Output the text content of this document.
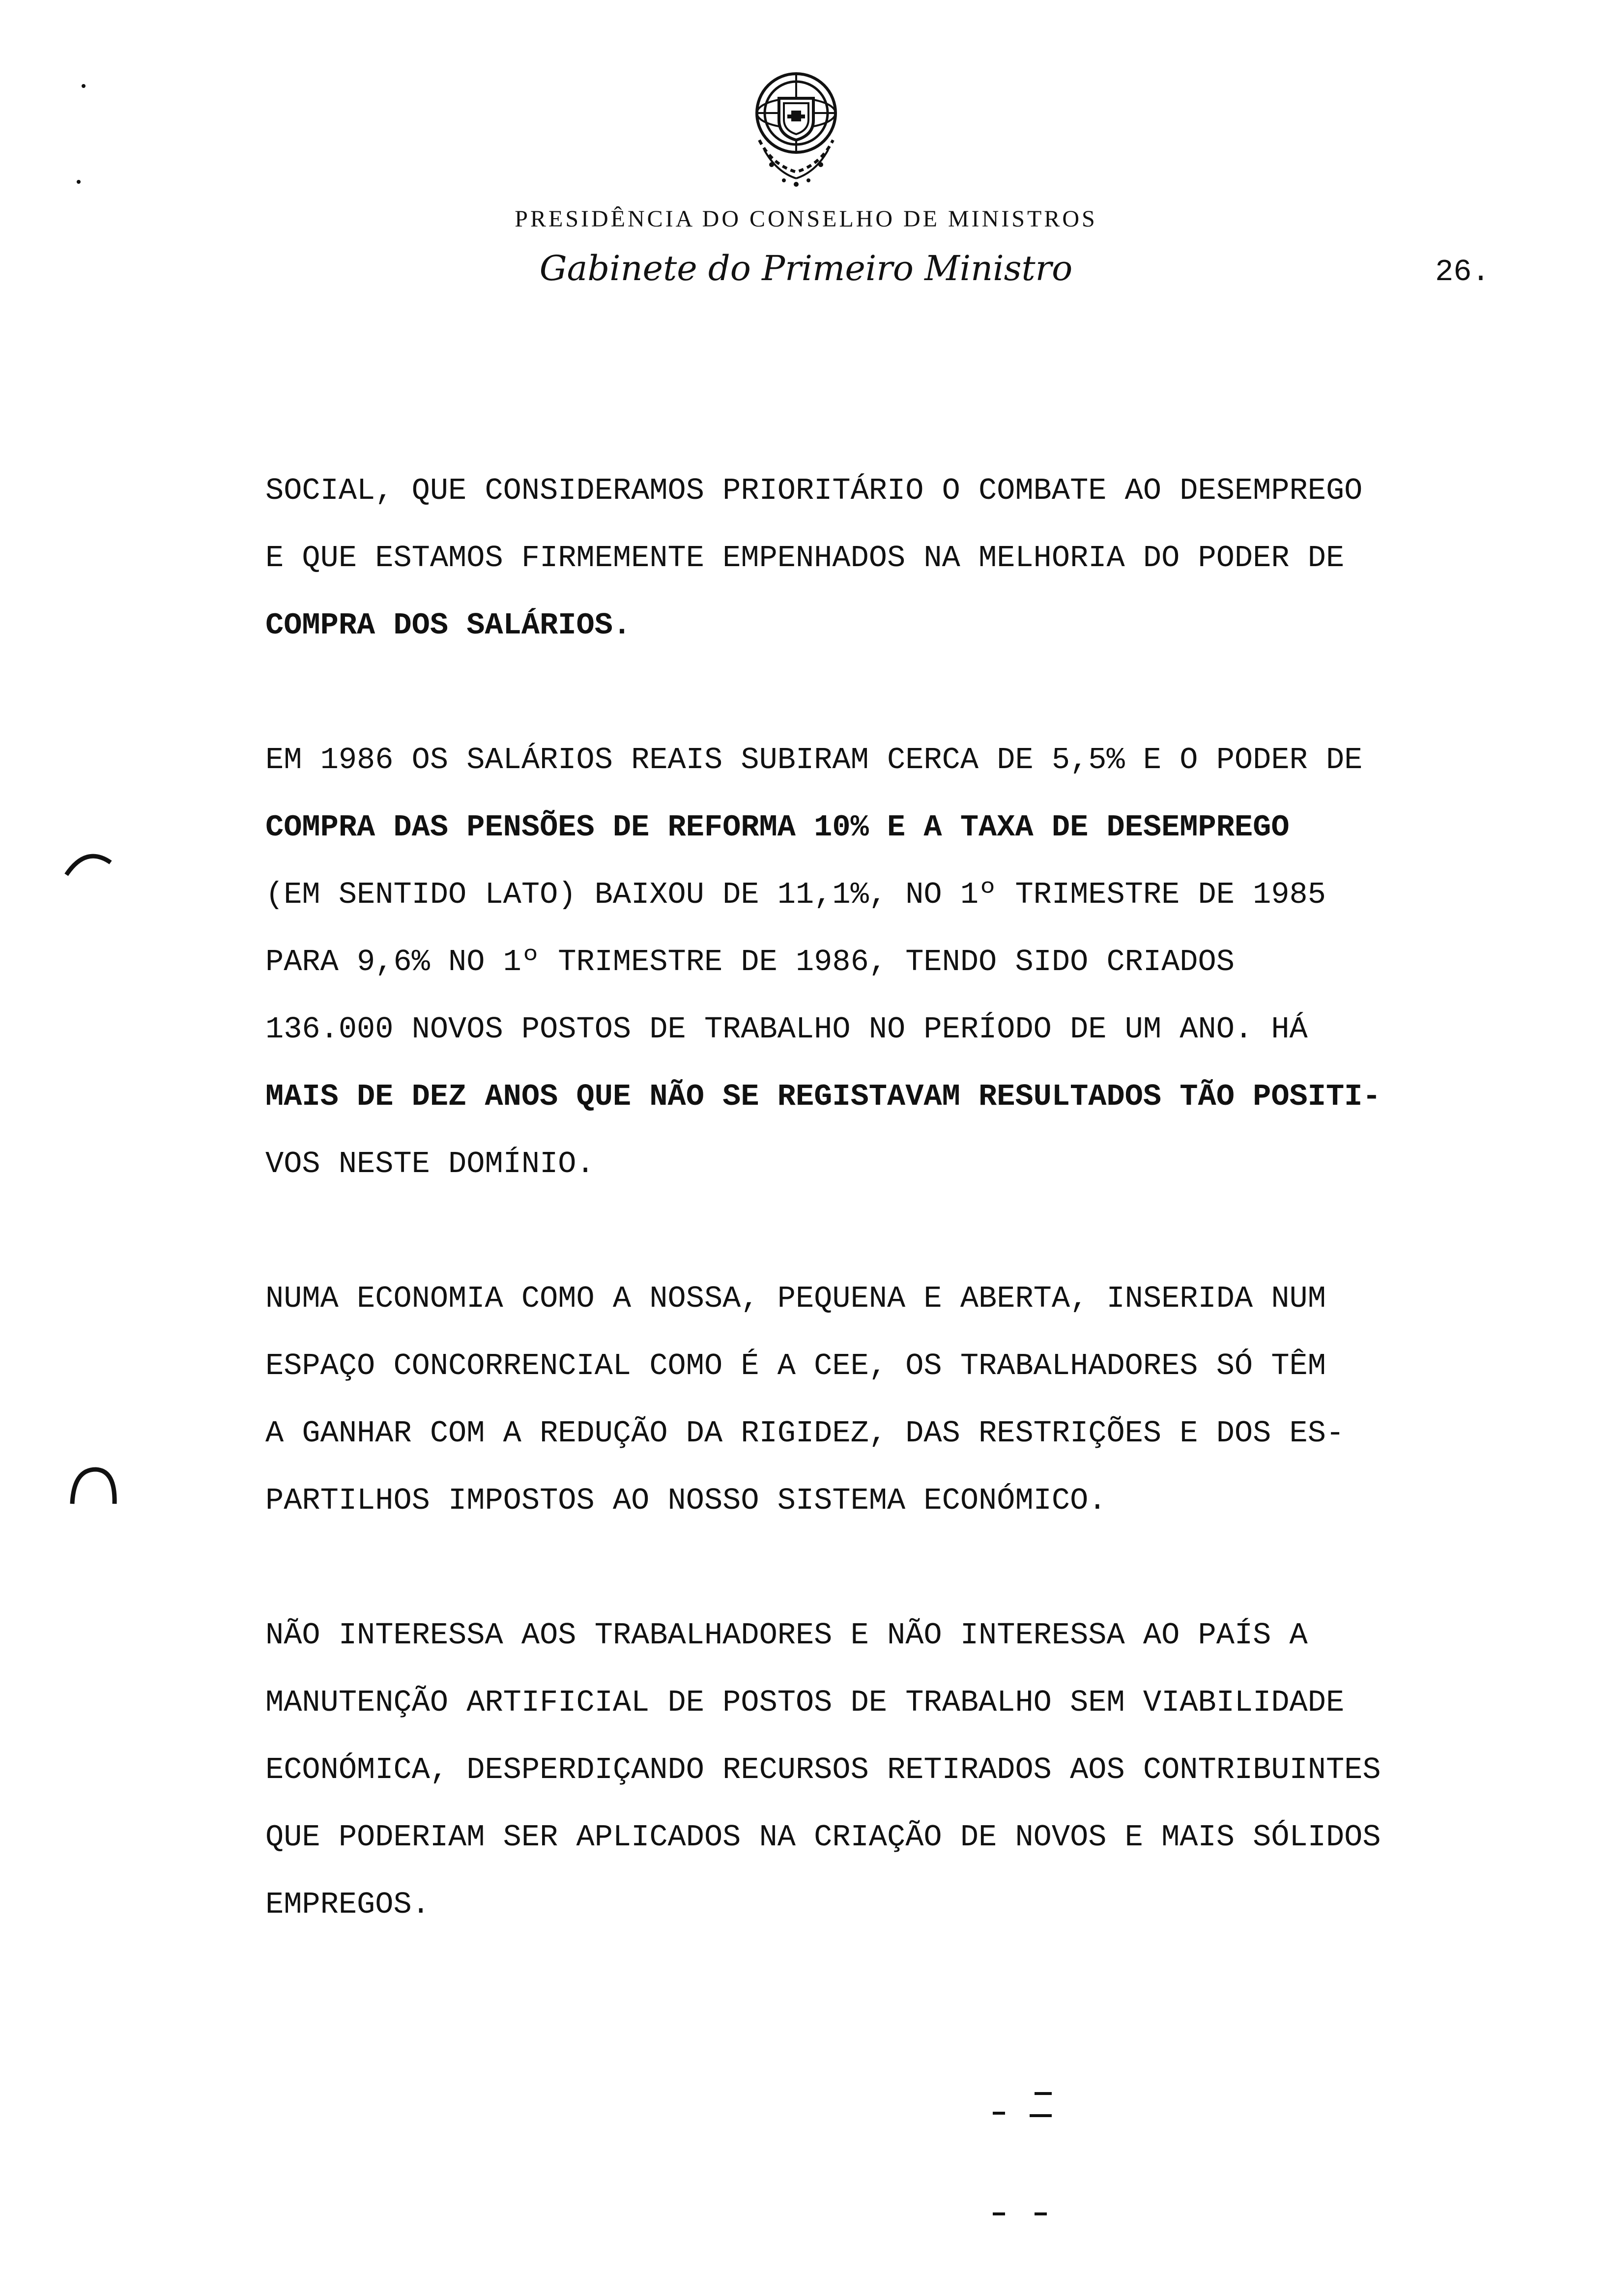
PRESIDÊNCIA DO CONSELHO DE MINISTROS
Gabinete do Primeiro Ministro	26.
SOCIAL, QUE CONSIDERAMOS PRIORITÁRIO O COMBATE AO DESEMPREGO
E QUE ESTAMOS FIRMEMENTE EMPENHADOS NA MELHORIA DO PODER DE
COMPRA DOS SALÁRIOS.
EM 1986 OS SALÁRIOS REAIS SUBIRAM CERCA DE 5,5% E O PODER DE
COMPRA DAS PENSÕES DE REFORMA 10% E A TAXA DE DESEMPREGO
(EM SENTIDO LATO) BAIXOU DE 11,1%, NO 1º TRIMESTRE DE 1985
PARA 9,6% NO 1º TRIMESTRE DE 1986, TENDO SIDO CRIADOS
136.000 NOVOS POSTOS DE TRABALHO NO PERÍODO DE UM ANO. HÁ
MAIS DE DEZ ANOS QUE NÃO SE REGISTAVAM RESULTADOS TÃO POSITI-
VOS NESTE DOMÍNIO.
NUMA ECONOMIA COMO A NOSSA, PEQUENA E ABERTA, INSERIDA NUM
ESPAÇO CONCORRENCIAL COMO É A CEE, OS TRABALHADORES SÓ TÊM
A GANHAR COM A REDUÇÃO DA RIGIDEZ, DAS RESTRIÇÕES E DOS ES-
PARTILHOS IMPOSTOS AO NOSSO SISTEMA ECONÓMICO.
NÃO INTERESSA AOS TRABALHADORES E NÃO INTERESSA AO PAÍS A
MANUTENÇÃO ARTIFICIAL DE POSTOS DE TRABALHO SEM VIABILIDADE
ECONÓMICA, DESPERDIÇANDO RECURSOS RETIRADOS AOS CONTRIBUINTES
QUE PODERIAM SER APLICADOS NA CRIAÇÃO DE NOVOS E MAIS SÓLIDOS
EMPREGOS.
